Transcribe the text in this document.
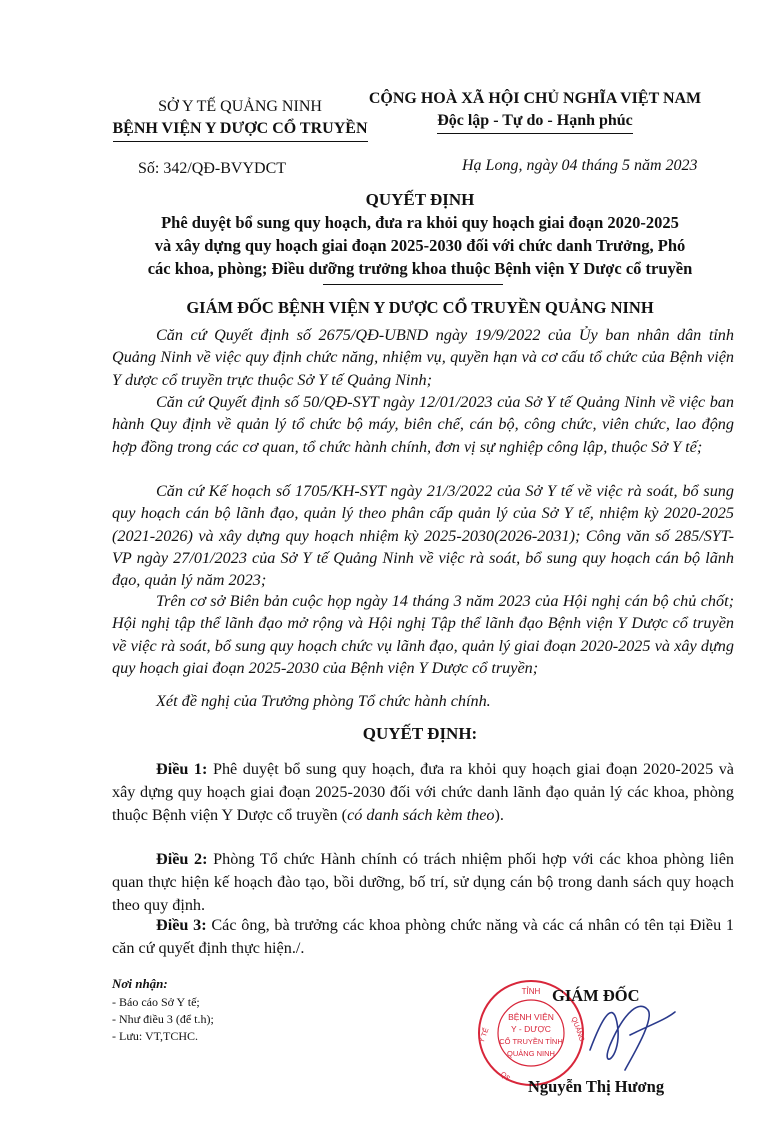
SỞ Y TẾ QUẢNG NINH
BỆNH VIỆN Y DƯỢC CỔ TRUYỀN
CỘNG HOÀ XÃ HỘI CHỦ NGHĨA VIỆT NAM
Độc lập - Tự do - Hạnh phúc
Số: 342/QĐ-BVYDCT	Hạ Long, ngày 04 tháng 5 năm 2023
QUYẾT ĐỊNH
Phê duyệt bổ sung quy hoạch, đưa ra khỏi quy hoạch giai đoạn 2020-2025
và xây dựng quy hoạch giai đoạn 2025-2030 đối với chức danh Trưởng, Phó
các khoa, phòng; Điều dưỡng trưởng khoa thuộc Bệnh viện Y Dược cổ truyền
GIÁM ĐỐC BỆNH VIỆN Y DƯỢC CỔ TRUYỀN QUẢNG NINH
Căn cứ Quyết định số 2675/QĐ-UBND ngày 19/9/2022 của Ủy ban nhân dân tỉnh Quảng Ninh về việc quy định chức năng, nhiệm vụ, quyền hạn và cơ cấu tổ chức của Bệnh viện Y dược cổ truyền trực thuộc Sở Y tế Quảng Ninh;
Căn cứ Quyết định số 50/QĐ-SYT ngày 12/01/2023 của Sở Y tế Quảng Ninh về việc ban hành Quy định về quản lý tổ chức bộ máy, biên chế, cán bộ, công chức, viên chức, lao động hợp đồng trong các cơ quan, tổ chức hành chính, đơn vị sự nghiệp công lập, thuộc Sở Y tế;
Căn cứ Kế hoạch số 1705/KH-SYT ngày 21/3/2022 của Sở Y tế về việc rà soát, bổ sung quy hoạch cán bộ lãnh đạo, quản lý theo phân cấp quản lý của Sở Y tế, nhiệm kỳ 2020-2025 (2021-2026) và xây dựng quy hoạch nhiệm kỳ 2025-2030(2026-2031); Công văn số 285/SYT-VP ngày 27/01/2023 của Sở Y tế Quảng Ninh về việc rà soát, bổ sung quy hoạch cán bộ lãnh đạo, quản lý năm 2023;
Trên cơ sở Biên bản cuộc họp ngày 14 tháng 3 năm 2023 của Hội nghị cán bộ chủ chốt; Hội nghị tập thể lãnh đạo mở rộng và Hội nghị Tập thể lãnh đạo Bệnh viện Y Dược cổ truyền về việc rà soát, bổ sung quy hoạch chức vụ lãnh đạo, quản lý giai đoạn 2020-2025 và xây dựng quy hoạch giai đoạn 2025-2030 của Bệnh viện Y Dược cổ truyền;
Xét đề nghị của Trưởng phòng Tổ chức hành chính.
QUYẾT ĐỊNH:
Điều 1: Phê duyệt bổ sung quy hoạch, đưa ra khỏi quy hoạch giai đoạn 2020-2025 và xây dựng quy hoạch giai đoạn 2025-2030 đối với chức danh lãnh đạo quản lý các khoa, phòng thuộc Bệnh viện Y Dược cổ truyền (có danh sách kèm theo).
Điều 2: Phòng Tổ chức Hành chính có trách nhiệm phối hợp với các khoa phòng liên quan thực hiện kế hoạch đào tạo, bồi dưỡng, bố trí, sử dụng cán bộ trong danh sách quy hoạch theo quy định.
Điều 3: Các ông, bà trưởng các khoa phòng chức năng và các cá nhân có tên tại Điều 1 căn cứ quyết định thực hiện./.
Nơi nhận:
- Báo cáo Sở Y tế;
- Như điều 3 (để t.h);
- Lưu: VT,TCHC.
TỈNH
Y TẾ	QUẢNG
BỆNH VIỆN
Y - DƯỢC
CỔ TRUYỀN TỈNH
QUẢNG NINH
QS
GIÁM ĐỐC
Nguyễn Thị Hương
